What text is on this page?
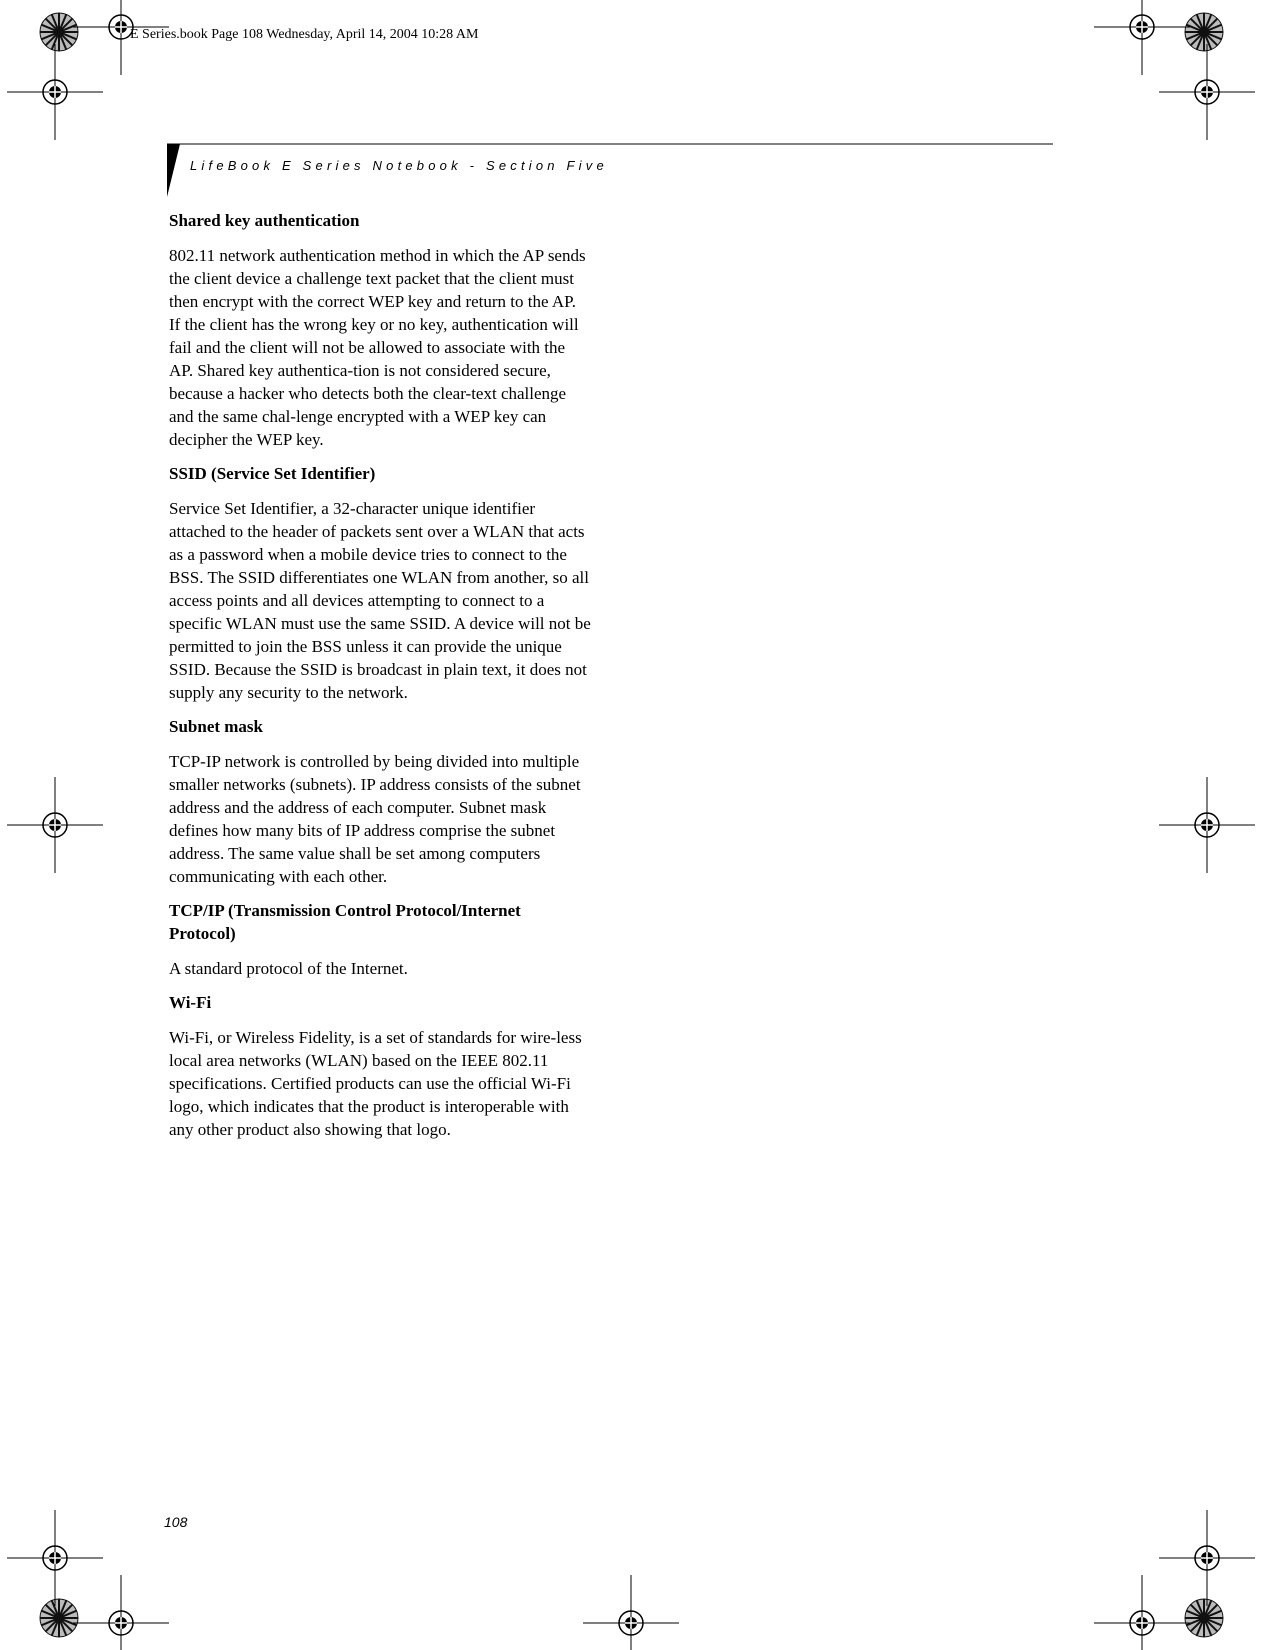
E Series.book Page 108 Wednesday, April 14, 2004 10:28 AM
LifeBook E Series Notebook - Section Five

Shared key authentication

802.11 network authentication method in which the AP sends the client device a challenge text packet that the client must then encrypt with the correct WEP key and return to the AP. If the client has the wrong key or no key, authentication will fail and the client will not be allowed to associate with the AP. Shared key authentica-tion is not considered secure, because a hacker who detects both the clear-text challenge and the same chal-lenge encrypted with a WEP key can decipher the WEP key.

SSID (Service Set Identifier)

Service Set Identifier, a 32-character unique identifier attached to the header of packets sent over a WLAN that acts as a password when a mobile device tries to connect to the BSS. The SSID differentiates one WLAN from another, so all access points and all devices attempting to connect to a specific WLAN must use the same SSID. A device will not be permitted to join the BSS unless it can provide the unique SSID. Because the SSID is broadcast in plain text, it does not supply any security to the network.

Subnet mask

TCP-IP network is controlled by being divided into multiple smaller networks (subnets). IP address consists of the subnet address and the address of each computer. Subnet mask defines how many bits of IP address comprise the subnet address. The same value shall be set among computers communicating with each other.

TCP/IP (Transmission Control Protocol/Internet Protocol)

A standard protocol of the Internet.

Wi-Fi

Wi-Fi, or Wireless Fidelity, is a set of standards for wire-less local area networks (WLAN) based on the IEEE 802.11 specifications. Certified products can use the official Wi-Fi logo, which indicates that the product is interoperable with any other product also showing that logo.

108
